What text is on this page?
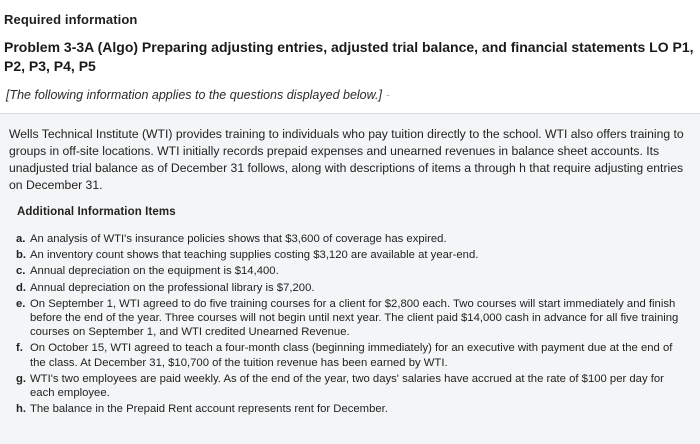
Required information
Problem 3-3A (Algo) Preparing adjusting entries, adjusted trial balance, and financial statements LO P1, P2, P3, P4, P5
[The following information applies to the questions displayed below.] -
Wells Technical Institute (WTI) provides training to individuals who pay tuition directly to the school. WTI also offers training to groups in off-site locations. WTI initially records prepaid expenses and unearned revenues in balance sheet accounts. Its unadjusted trial balance as of December 31 follows, along with descriptions of items a through h that require adjusting entries on December 31.
Additional Information Items
a. An analysis of WTI's insurance policies shows that $3,600 of coverage has expired.
b. An inventory count shows that teaching supplies costing $3,120 are available at year-end.
c. Annual depreciation on the equipment is $14,400.
d. Annual depreciation on the professional library is $7,200.
e. On September 1, WTI agreed to do five training courses for a client for $2,800 each. Two courses will start immediately and finish before the end of the year. Three courses will not begin until next year. The client paid $14,000 cash in advance for all five training courses on September 1, and WTI credited Unearned Revenue.
f. On October 15, WTI agreed to teach a four-month class (beginning immediately) for an executive with payment due at the end of the class. At December 31, $10,700 of the tuition revenue has been earned by WTI.
g. WTI's two employees are paid weekly. As of the end of the year, two days' salaries have accrued at the rate of $100 per day for each employee.
h. The balance in the Prepaid Rent account represents rent for December.
